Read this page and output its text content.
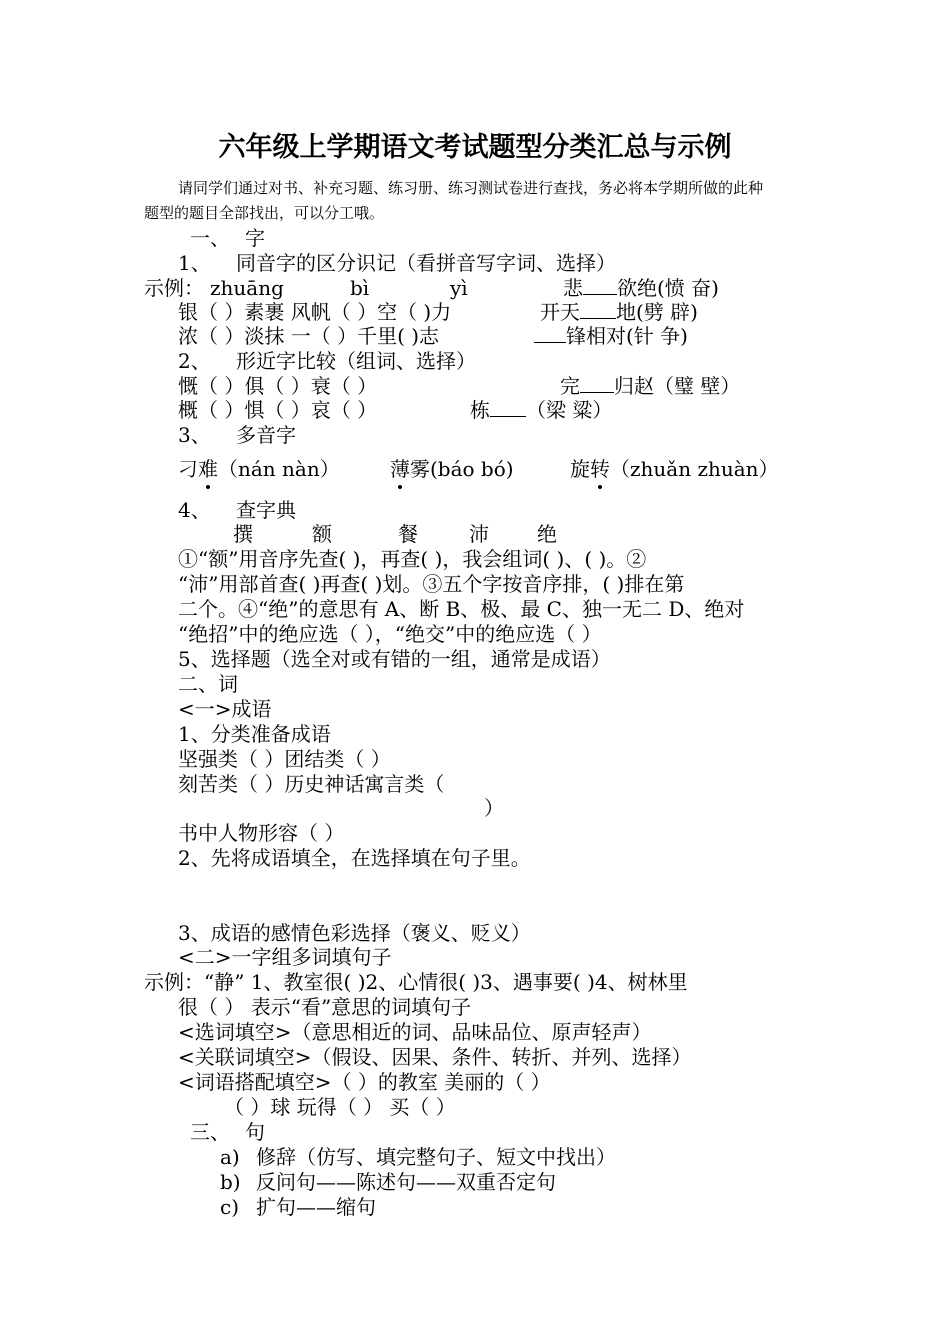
六年级上学期语文考试题型分类汇总与示例
请同学们通过对书、补充习题、练习册、练习测试卷进行查找，务必将本学期所做的此种
题型的题目全部找出，可以分工哦。
一、 字
1、 同音字的区分识记（看拼音写字词、选择）
示例： zhuāng	bì	yì	悲 欲绝(愤 奋)
银（ ）素裹 风帆（ ）空（ )力	开天 地(劈 辟)
浓（ ）淡抹 一（ ）千里( )志	锋相对(针 争)
2、 形近字比较（组词、选择）
慨（ ）俱（ ）衰（ ）	完 归赵（璧 壁）
概（ ）惧（ ）哀（ ）	栋 （梁 粱）
3、 多音字
刁难（nán nàn）	薄雾(báo bó)	旋转（zhuǎn zhuàn）
4、 查字典
撰	额	餐	沛 绝
①“额”用音序先查( )，再查( )，我会组词( )、( )。②
“沛”用部首查( )再查( )划。③五个字按音序排，( )排在第
二个。④“绝”的意思有 A、断 B、极、最 C、独一无二 D、绝对
“绝招”中的绝应选（ ），“绝交”中的绝应选（ ）
5、选择题（选全对或有错的一组，通常是成语）
二、词
<一>成语
1、分类准备成语
坚强类（ ）团结类（ ）
刻苦类（ ）历史神话寓言类（
）
书中人物形容（ ）
2、先将成语填全，在选择填在句子里。
3、成语的感情色彩选择（褒义、贬义）
<二>一字组多词填句子
示例：“静” 1、教室很( )2、心情很( )3、遇事要( )4、树林里
很（ ） 表示“看”意思的词填句子
<选词填空>（意思相近的词、品味品位、原声轻声）
<关联词填空>（假设、因果、条件、转折、并列、选择）
<词语搭配填空>（ ）的教室 美丽的（ ）
（ ）球 玩得（ ） 买（ ）
三、 句
a) 修辞（仿写、填完整句子、短文中找出）
b) 反问句——陈述句——双重否定句
c) 扩句——缩句
